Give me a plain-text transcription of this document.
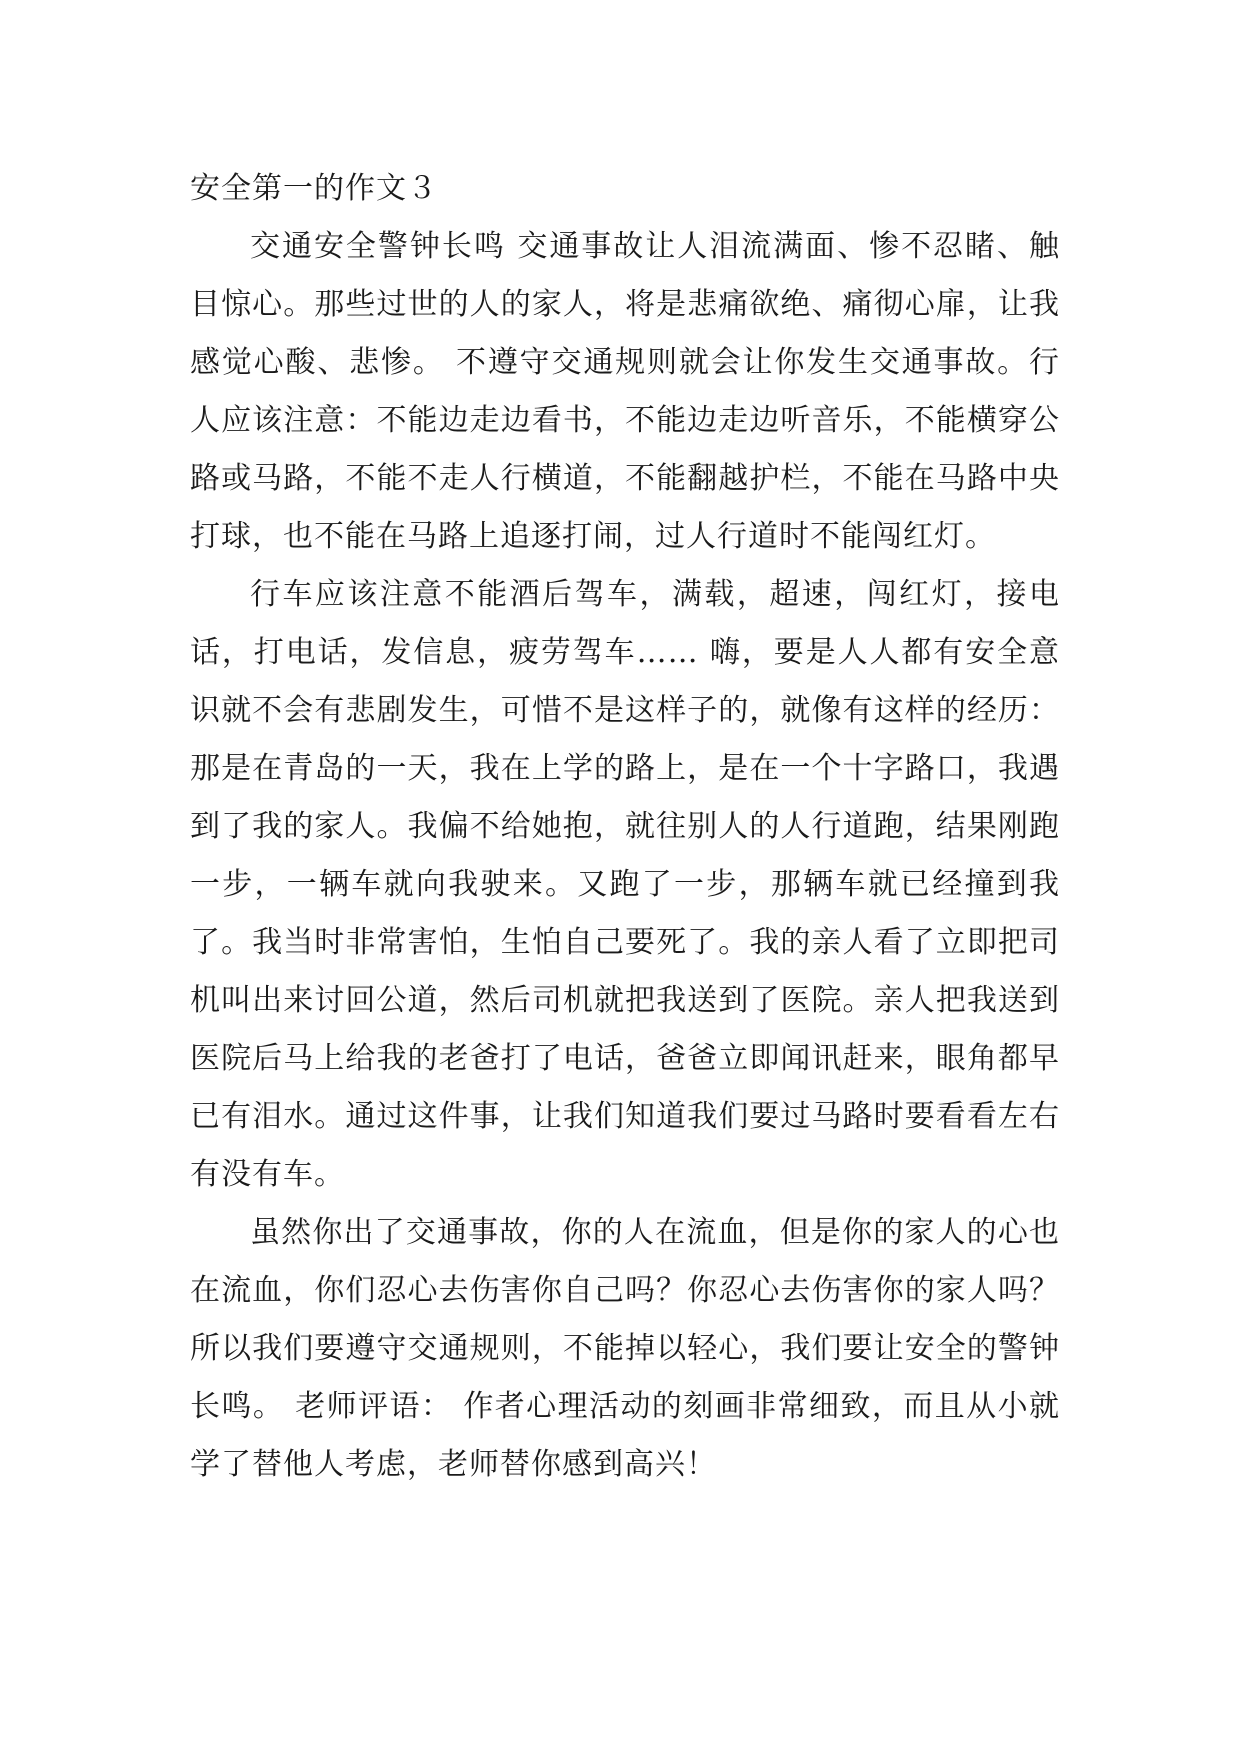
安全第一的作文３

交通安全警钟长鸣 交通事故让人泪流满面、惨不忍睹、触目惊心。那些过世的人的家人，将是悲痛欲绝、痛彻心扉，让我感觉心酸、悲惨。 不遵守交通规则就会让你发生交通事故。行人应该注意：不能边走边看书，不能边走边听音乐，不能横穿公路或马路，不能不走人行横道，不能翻越护栏，不能在马路中央打球，也不能在马路上追逐打闹，过人行道时不能闯红灯。

行车应该注意不能酒后驾车，满载，超速，闯红灯，接电话，打电话，发信息，疲劳驾车…… 嗨，要是人人都有安全意识就不会有悲剧发生，可惜不是这样子的，就像有这样的经历：那是在青岛的一天，我在上学的路上，是在一个十字路口，我遇到了我的家人。我偏不给她抱，就往别人的人行道跑，结果刚跑一步，一辆车就向我驶来。又跑了一步，那辆车就已经撞到我了。我当时非常害怕，生怕自己要死了。我的亲人看了立即把司机叫出来讨回公道，然后司机就把我送到了医院。亲人把我送到医院后马上给我的老爸打了电话，爸爸立即闻讯赶来，眼角都早已有泪水。通过这件事，让我们知道我们要过马路时要看看左右有没有车。

虽然你出了交通事故，你的人在流血，但是你的家人的心也在流血，你们忍心去伤害你自己吗？你忍心去伤害你的家人吗？所以我们要遵守交通规则，不能掉以轻心，我们要让安全的警钟长鸣。 老师评语： 作者心理活动的刻画非常细致，而且从小就学了替他人考虑，老师替你感到高兴！
